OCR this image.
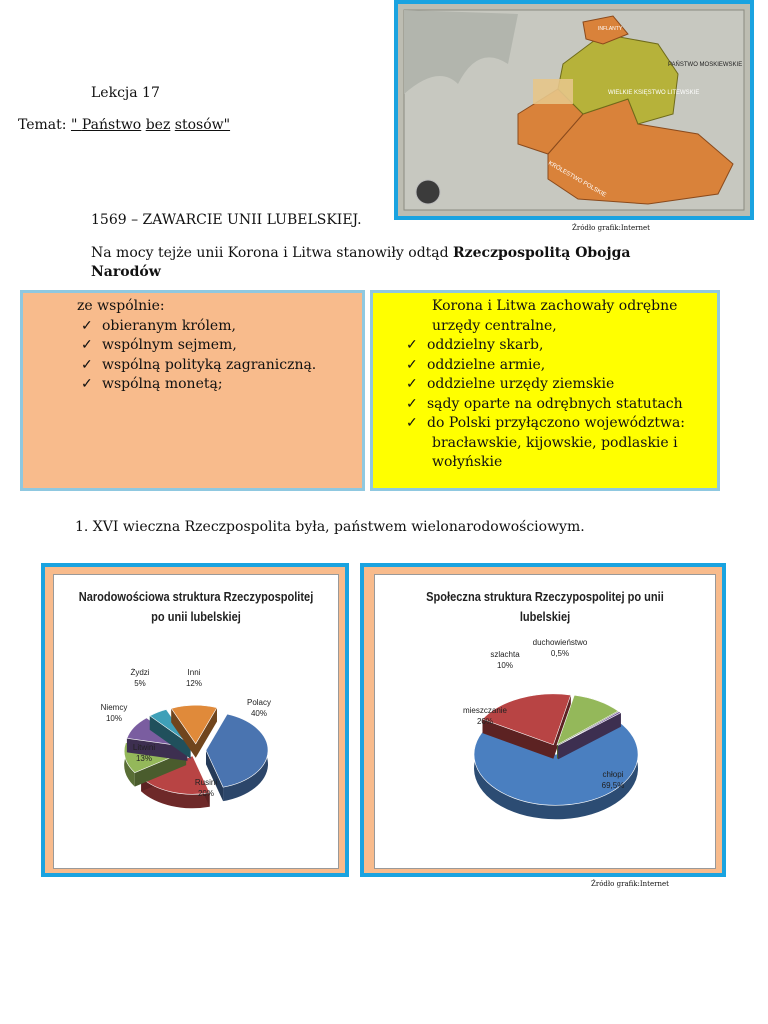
Lekcja 17
Temat: " Państwo bez stosów"
INFLANTY
PAŃSTWO MOSKIEWSKIE
WIELKIE KSIĘSTWO LITEWSKIE
KRÓLESTWO POLSKIE
Źródło grafik:Internet
1569 – ZAWARCIE UNII LUBELSKIEJ.
Na mocy tejże unii Korona i Litwa stanowiły odtąd Rzeczpospolitą Obojga Narodów
ze wspólnie:
✓ obieranym królem,
✓ wspólnym sejmem,
✓ wspólną polityką zagraniczną.
✓ wspólną monetą;
Korona i Litwa zachowały odrębne urzędy centralne,
✓ oddzielny skarb,
✓ oddzielne armie,
✓ oddzielne urzędy ziemskie
✓ sądy oparte na odrębnych statutach
✓ do Polski przyłączono województwa:
bracławskie, kijowskie, podlaskie i wołyńskie
1. XVI wieczna Rzeczpospolita była, państwem wielonarodowościowym.
Narodowościowa struktura Rzeczypospolitej po unii lubelskiej
Polacy
40%
Rusini
20%
Litwini
13%
Niemcy
10%
Żydzi
5%
Inni
12%
Społeczna struktura Rzeczypospolitej po unii lubelskiej
chłopi
69,5%
mieszczanie
20%
szlachta
10%
duchowieństwo
0,5%
Źródło grafik:Internet
